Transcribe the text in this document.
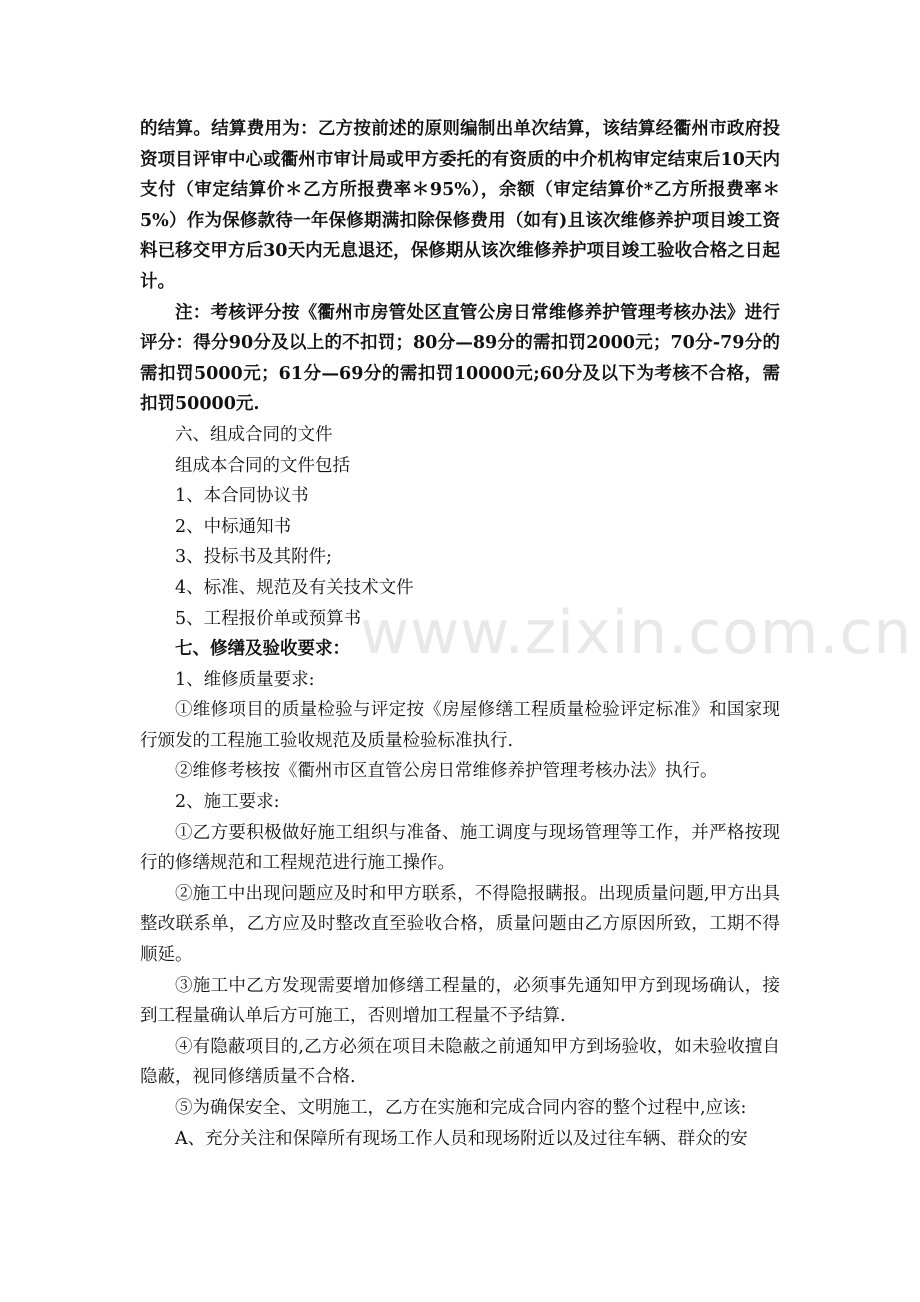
的结算。结算费用为：乙方按前述的原则编制出单次结算，该结算经衢州市政府投资项目评审中心或衢州市审计局或甲方委托的有资质的中介机构审定结束后10天内支付（审定结算价＊乙方所报费率＊95%），余额（审定结算价*乙方所报费率＊5%）作为保修款待一年保修期满扣除保修费用（如有)且该次维修养护项目竣工资料已移交甲方后30天内无息退还，保修期从该次维修养护项目竣工验收合格之日起计。

注：考核评分按《衢州市房管处区直管公房日常维修养护管理考核办法》进行评分：得分90分及以上的不扣罚；80分—89分的需扣罚2000元；70分-79分的需扣罚5000元；61分—69分的需扣罚10000元;60分及以下为考核不合格，需扣罚50000元.

六、组成合同的文件

组成本合同的文件包括

1、本合同协议书

2、中标通知书

3、投标书及其附件;

4、标准、规范及有关技术文件

5、工程报价单或预算书

七、修缮及验收要求：

1、维修质量要求:

①维修项目的质量检验与评定按《房屋修缮工程质量检验评定标准》和国家现行颁发的工程施工验收规范及质量检验标准执行.

②维修考核按《衢州市区直管公房日常维修养护管理考核办法》执行。

2、施工要求:

①乙方要积极做好施工组织与准备、施工调度与现场管理等工作，并严格按现行的修缮规范和工程规范进行施工操作。

②施工中出现问题应及时和甲方联系，不得隐报瞒报。出现质量问题,甲方出具整改联系单，乙方应及时整改直至验收合格，质量问题由乙方原因所致，工期不得顺延。

③施工中乙方发现需要增加修缮工程量的，必须事先通知甲方到现场确认，接到工程量确认单后方可施工，否则增加工程量不予结算.

④有隐蔽项目的,乙方必须在项目未隐蔽之前通知甲方到场验收，如未验收擅自隐蔽，视同修缮质量不合格.

⑤为确保安全、文明施工，乙方在实施和完成合同内容的整个过程中,应该:

A、充分关注和保障所有现场工作人员和现场附近以及过往车辆、群众的安

www.zixin.com.cn
